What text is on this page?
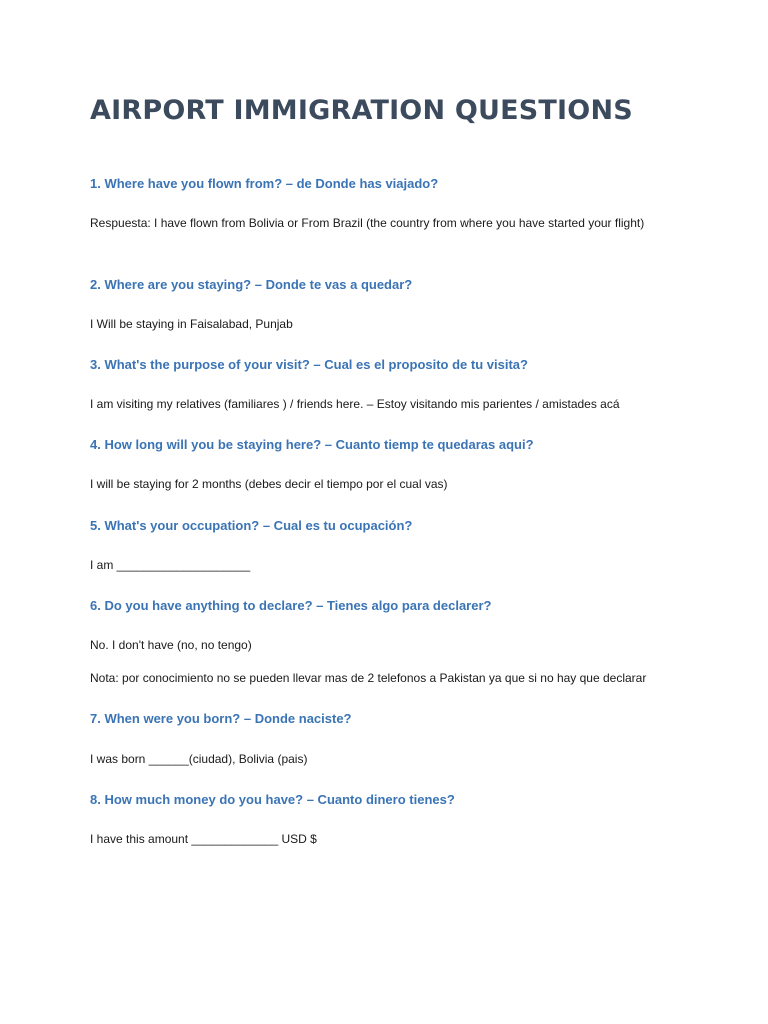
AIRPORT IMMIGRATION QUESTIONS

1. Where have you flown from? – de Donde has viajado?

Respuesta: I have flown from Bolivia or From Brazil (the country from where you have started your flight)

2. Where are you staying? – Donde te vas a quedar?

I Will be staying in Faisalabad, Punjab

3. What's the purpose of your visit? – Cual es el proposito de tu visita?

I am visiting my relatives (familiares ) / friends here. – Estoy visitando mis parientes / amistades acá

4. How long will you be staying here? – Cuanto tiemp te quedaras aqui?

I will be staying for 2 months (debes decir el tiempo por el cual vas)

5. What's your occupation? – Cual es tu ocupación?

I am ____________________

6. Do you have anything to declare? – Tienes algo para declarer?

No. I don't have (no, no tengo)

Nota: por conocimiento no se pueden llevar mas de 2 telefonos a Pakistan ya que si no hay que declarar

7. When were you born? – Donde naciste?

I was born ______(ciudad), Bolivia (pais)

8. How much money do you have? – Cuanto dinero tienes?

I have this amount _____________ USD $
